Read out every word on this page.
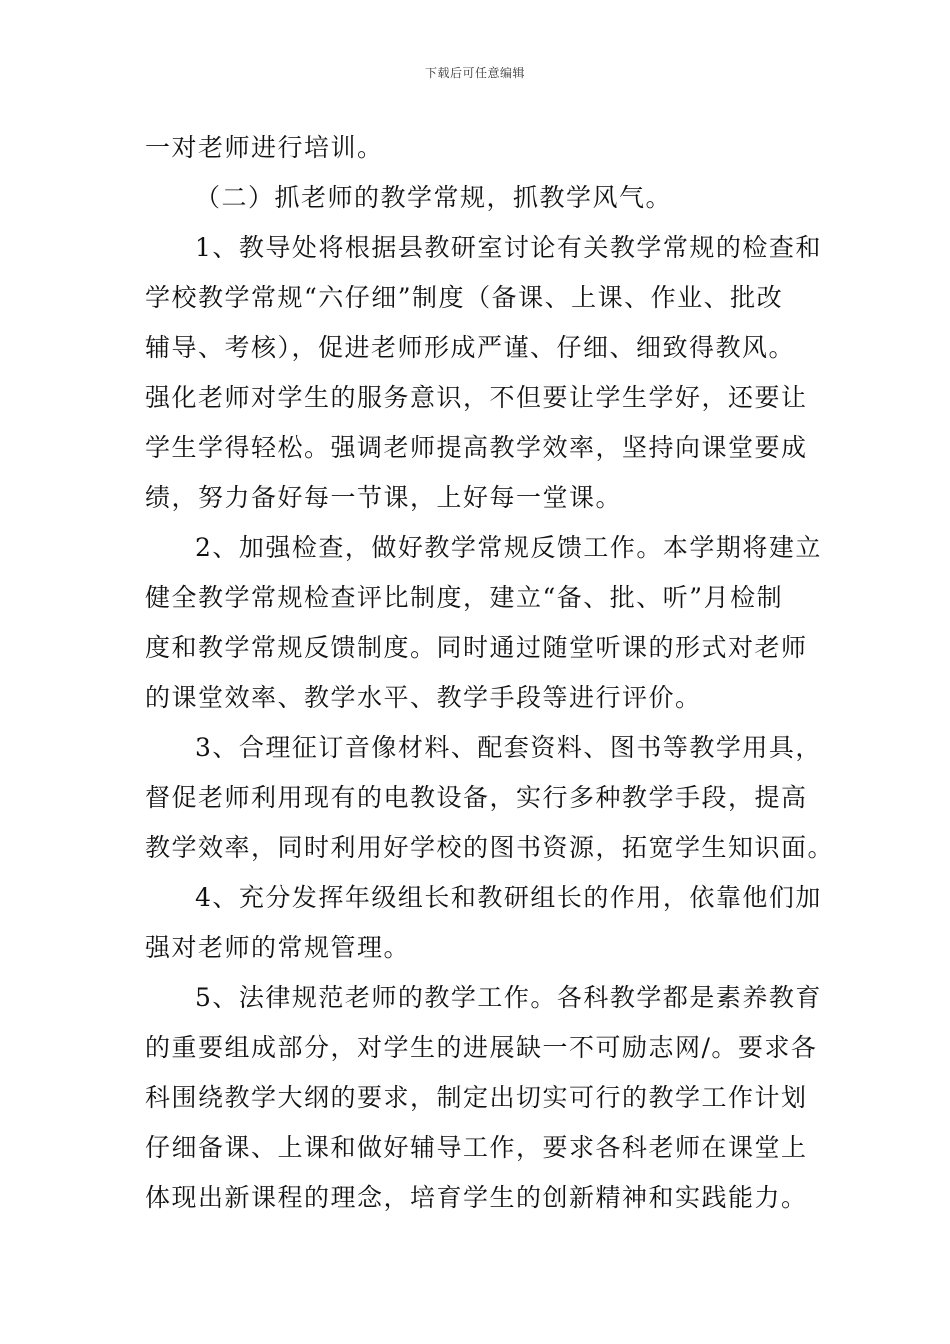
下载后可任意编辑
一对老师进行培训。
（二）抓老师的教学常规，抓教学风气。
1、教导处将根据县教研室讨论有关教学常规的检查和
学校教学常规“六仔细”制度（备课、上课、作业、批改
辅导、考核），促进老师形成严谨、仔细、细致得教风。
强化老师对学生的服务意识，不但要让学生学好，还要让
学生学得轻松。强调老师提高教学效率，坚持向课堂要成
绩，努力备好每一节课，上好每一堂课。
2、加强检查，做好教学常规反馈工作。本学期将建立
健全教学常规检查评比制度，建立“备、批、听”月检制
度和教学常规反馈制度。同时通过随堂听课的形式对老师
的课堂效率、教学水平、教学手段等进行评价。
3、合理征订音像材料、配套资料、图书等教学用具，
督促老师利用现有的电教设备，实行多种教学手段，提高
教学效率，同时利用好学校的图书资源，拓宽学生知识面。
4、充分发挥年级组长和教研组长的作用，依靠他们加
强对老师的常规管理。
5、法律规范老师的教学工作。各科教学都是素养教育
的重要组成部分，对学生的进展缺一不可励志网/。要求各
科围绕教学大纲的要求，制定出切实可行的教学工作计划
仔细备课、上课和做好辅导工作，要求各科老师在课堂上
体现出新课程的理念，培育学生的创新精神和实践能力。
